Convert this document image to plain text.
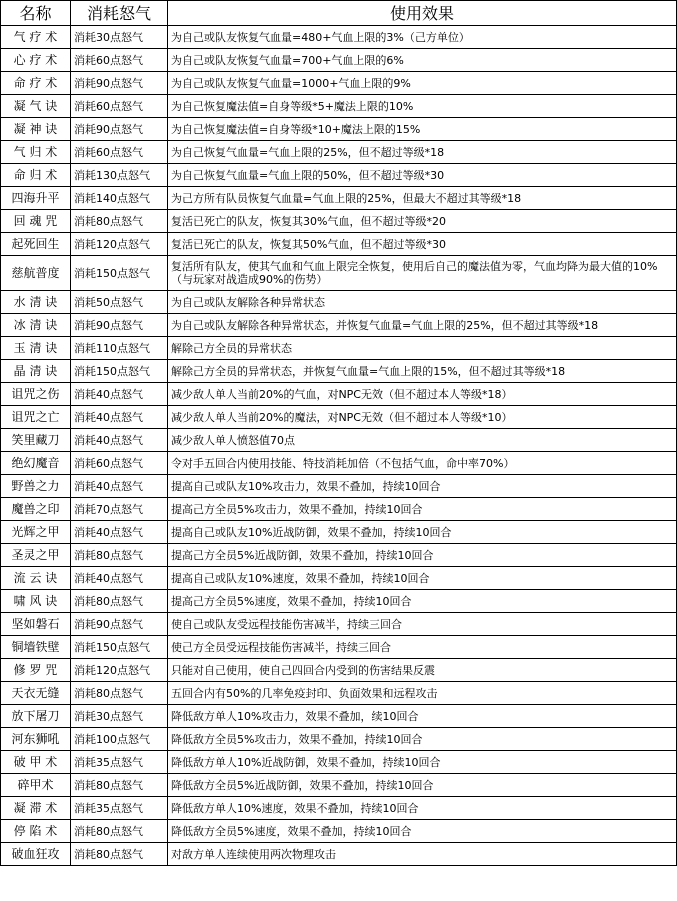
名称	消耗怒气	使用效果
气 疗 术	消耗30点怒气	为自己或队友恢复气血量=480+气血上限的3%（己方单位）
心 疗 术	消耗60点怒气	为自己或队友恢复气血量=700+气血上限的6%
命 疗 术	消耗90点怒气	为自己或队友恢复气血量=1000+气血上限的9%
凝 气 诀	消耗60点怒气	为自己恢复魔法值=自身等级*5+魔法上限的10%
凝 神 诀	消耗90点怒气	为自己恢复魔法值=自身等级*10+魔法上限的15%
气 归 术	消耗60点怒气	为自己恢复气血量=气血上限的25%，但不超过等级*18
命 归 术	消耗130点怒气	为自己恢复气血量=气血上限的50%，但不超过等级*30
四海升平	消耗140点怒气	为己方所有队员恢复气血量=气血上限的25%，但最大不超过其等级*18
回 魂 咒	消耗80点怒气	复活已死亡的队友，恢复其30%气血，但不超过等级*20
起死回生	消耗120点怒气	复活已死亡的队友，恢复其50%气血，但不超过等级*30
慈航普度	消耗150点怒气	复活所有队友，使其气血和气血上限完全恢复，使用后自己的魔法值为零，气血均降为最大值的10%（与玩家对战造成90%的伤势）
水 清 诀	消耗50点怒气	为自己或队友解除各种异常状态
冰 清 诀	消耗90点怒气	为自己或队友解除各种异常状态，并恢复气血量=气血上限的25%，但不超过其等级*18
玉 清 诀	消耗110点怒气	解除己方全员的异常状态
晶 清 诀	消耗150点怒气	解除己方全员的异常状态，并恢复气血量=气血上限的15%，但不超过其等级*18
诅咒之伤	消耗40点怒气	减少敌人单人当前20%的气血，对NPC无效（但不超过本人等级*18）
诅咒之亡	消耗40点怒气	减少敌人单人当前20%的魔法，对NPC无效（但不超过本人等级*10）
笑里藏刀	消耗40点怒气	减少敌人单人愤怒值70点
绝幻魔音	消耗60点怒气	令对手五回合内使用技能、特技消耗加倍（不包括气血，命中率70%）
野兽之力	消耗40点怒气	提高自己或队友10%攻击力，效果不叠加，持续10回合
魔兽之印	消耗70点怒气	提高己方全员5%攻击力，效果不叠加，持续10回合
光辉之甲	消耗40点怒气	提高自己或队友10%近战防御，效果不叠加，持续10回合
圣灵之甲	消耗80点怒气	提高己方全员5%近战防御，效果不叠加，持续10回合
流 云 诀	消耗40点怒气	提高自己或队友10%速度，效果不叠加，持续10回合
啸 风 诀	消耗80点怒气	提高己方全员5%速度，效果不叠加，持续10回合
坚如磐石	消耗90点怒气	使自己或队友受远程技能伤害减半，持续三回合
铜墙铁壁	消耗150点怒气	使己方全员受远程技能伤害减半，持续三回合
修 罗 咒	消耗120点怒气	只能对自己使用，使自己四回合内受到的伤害结果反震
天衣无缝	消耗80点怒气	五回合内有50%的几率免疫封印、负面效果和远程攻击
放下屠刀	消耗30点怒气	降低敌方单人10%攻击力，效果不叠加，续10回合
河东狮吼	消耗100点怒气	降低敌方全员5%攻击力，效果不叠加，持续10回合
破 甲 术	消耗35点怒气	降低敌方单人10%近战防御，效果不叠加，持续10回合
碎甲术	消耗80点怒气	降低敌方全员5%近战防御，效果不叠加，持续10回合
凝 滞 术	消耗35点怒气	降低敌方单人10%速度，效果不叠加，持续10回合
停 陷 术	消耗80点怒气	降低敌方全员5%速度，效果不叠加，持续10回合
破血狂攻	消耗80点怒气	对敌方单人连续使用两次物理攻击
